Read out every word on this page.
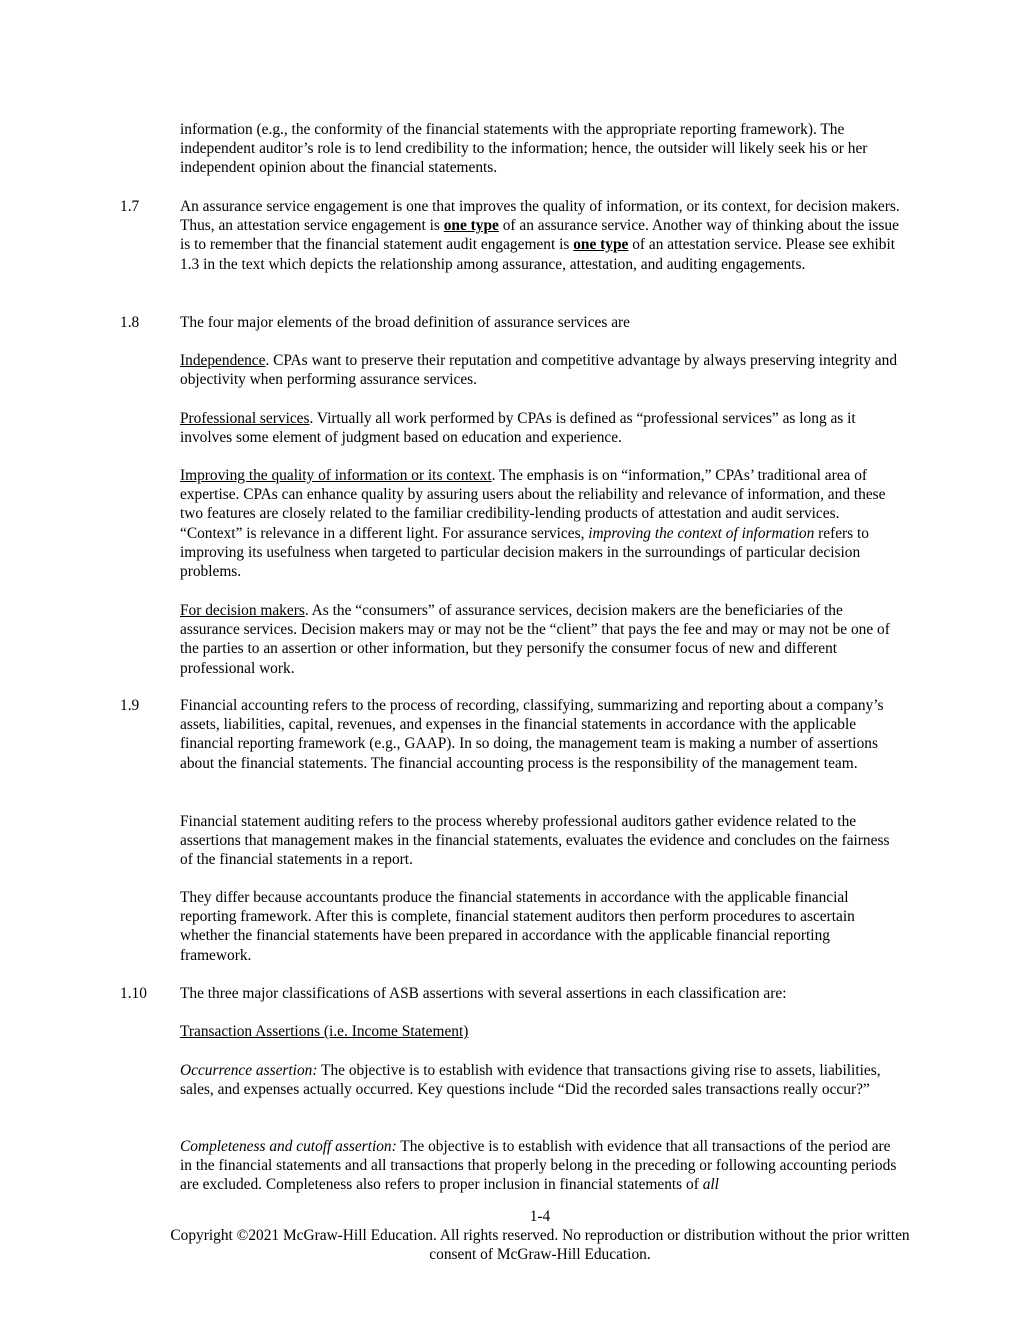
information (e.g., the conformity of the financial statements with the appropriate reporting framework). The independent auditor’s role is to lend credibility to the information; hence, the outsider will likely seek his or her independent opinion about the financial statements.

1.7	An assurance service engagement is one that improves the quality of information, or its context, for decision makers. Thus, an attestation service engagement is one type of an assurance service. Another way of thinking about the issue is to remember that the financial statement audit engagement is one type of an attestation service. Please see exhibit 1.3 in the text which depicts the relationship among assurance, attestation, and auditing engagements.

1.8	The four major elements of the broad definition of assurance services are

Independence. CPAs want to preserve their reputation and competitive advantage by always preserving integrity and objectivity when performing assurance services.

Professional services. Virtually all work performed by CPAs is defined as “professional services” as long as it involves some element of judgment based on education and experience.

Improving the quality of information or its context. The emphasis is on “information,” CPAs’ traditional area of expertise. CPAs can enhance quality by assuring users about the reliability and relevance of information, and these two features are closely related to the familiar credibility-lending products of attestation and audit services. “Context” is relevance in a different light. For assurance services, improving the context of information refers to improving its usefulness when targeted to particular decision makers in the surroundings of particular decision problems.

For decision makers. As the “consumers” of assurance services, decision makers are the beneficiaries of the assurance services. Decision makers may or may not be the “client” that pays the fee and may or may not be one of the parties to an assertion or other information, but they personify the consumer focus of new and different professional work.

1.9	Financial accounting refers to the process of recording, classifying, summarizing and reporting about a company’s assets, liabilities, capital, revenues, and expenses in the financial statements in accordance with the applicable financial reporting framework (e.g., GAAP). In so doing, the management team is making a number of assertions about the financial statements. The financial accounting process is the responsibility of the management team.

Financial statement auditing refers to the process whereby professional auditors gather evidence related to the assertions that management makes in the financial statements, evaluates the evidence and concludes on the fairness of the financial statements in a report.

They differ because accountants produce the financial statements in accordance with the applicable financial reporting framework. After this is complete, financial statement auditors then perform procedures to ascertain whether the financial statements have been prepared in accordance with the applicable financial reporting framework.

1.10 The three major classifications of ASB assertions with several assertions in each classification are:

Transaction Assertions (i.e. Income Statement)

Occurrence assertion: The objective is to establish with evidence that transactions giving rise to assets, liabilities, sales, and expenses actually occurred. Key questions include “Did the recorded sales transactions really occur?”

Completeness and cutoff assertion: The objective is to establish with evidence that all transactions of the period are in the financial statements and all transactions that properly belong in the preceding or following accounting periods are excluded. Completeness also refers to proper inclusion in financial statements of all

1-4

Copyright ©2021 McGraw-Hill Education. All rights reserved. No reproduction or distribution without the prior written consent of McGraw-Hill Education.
